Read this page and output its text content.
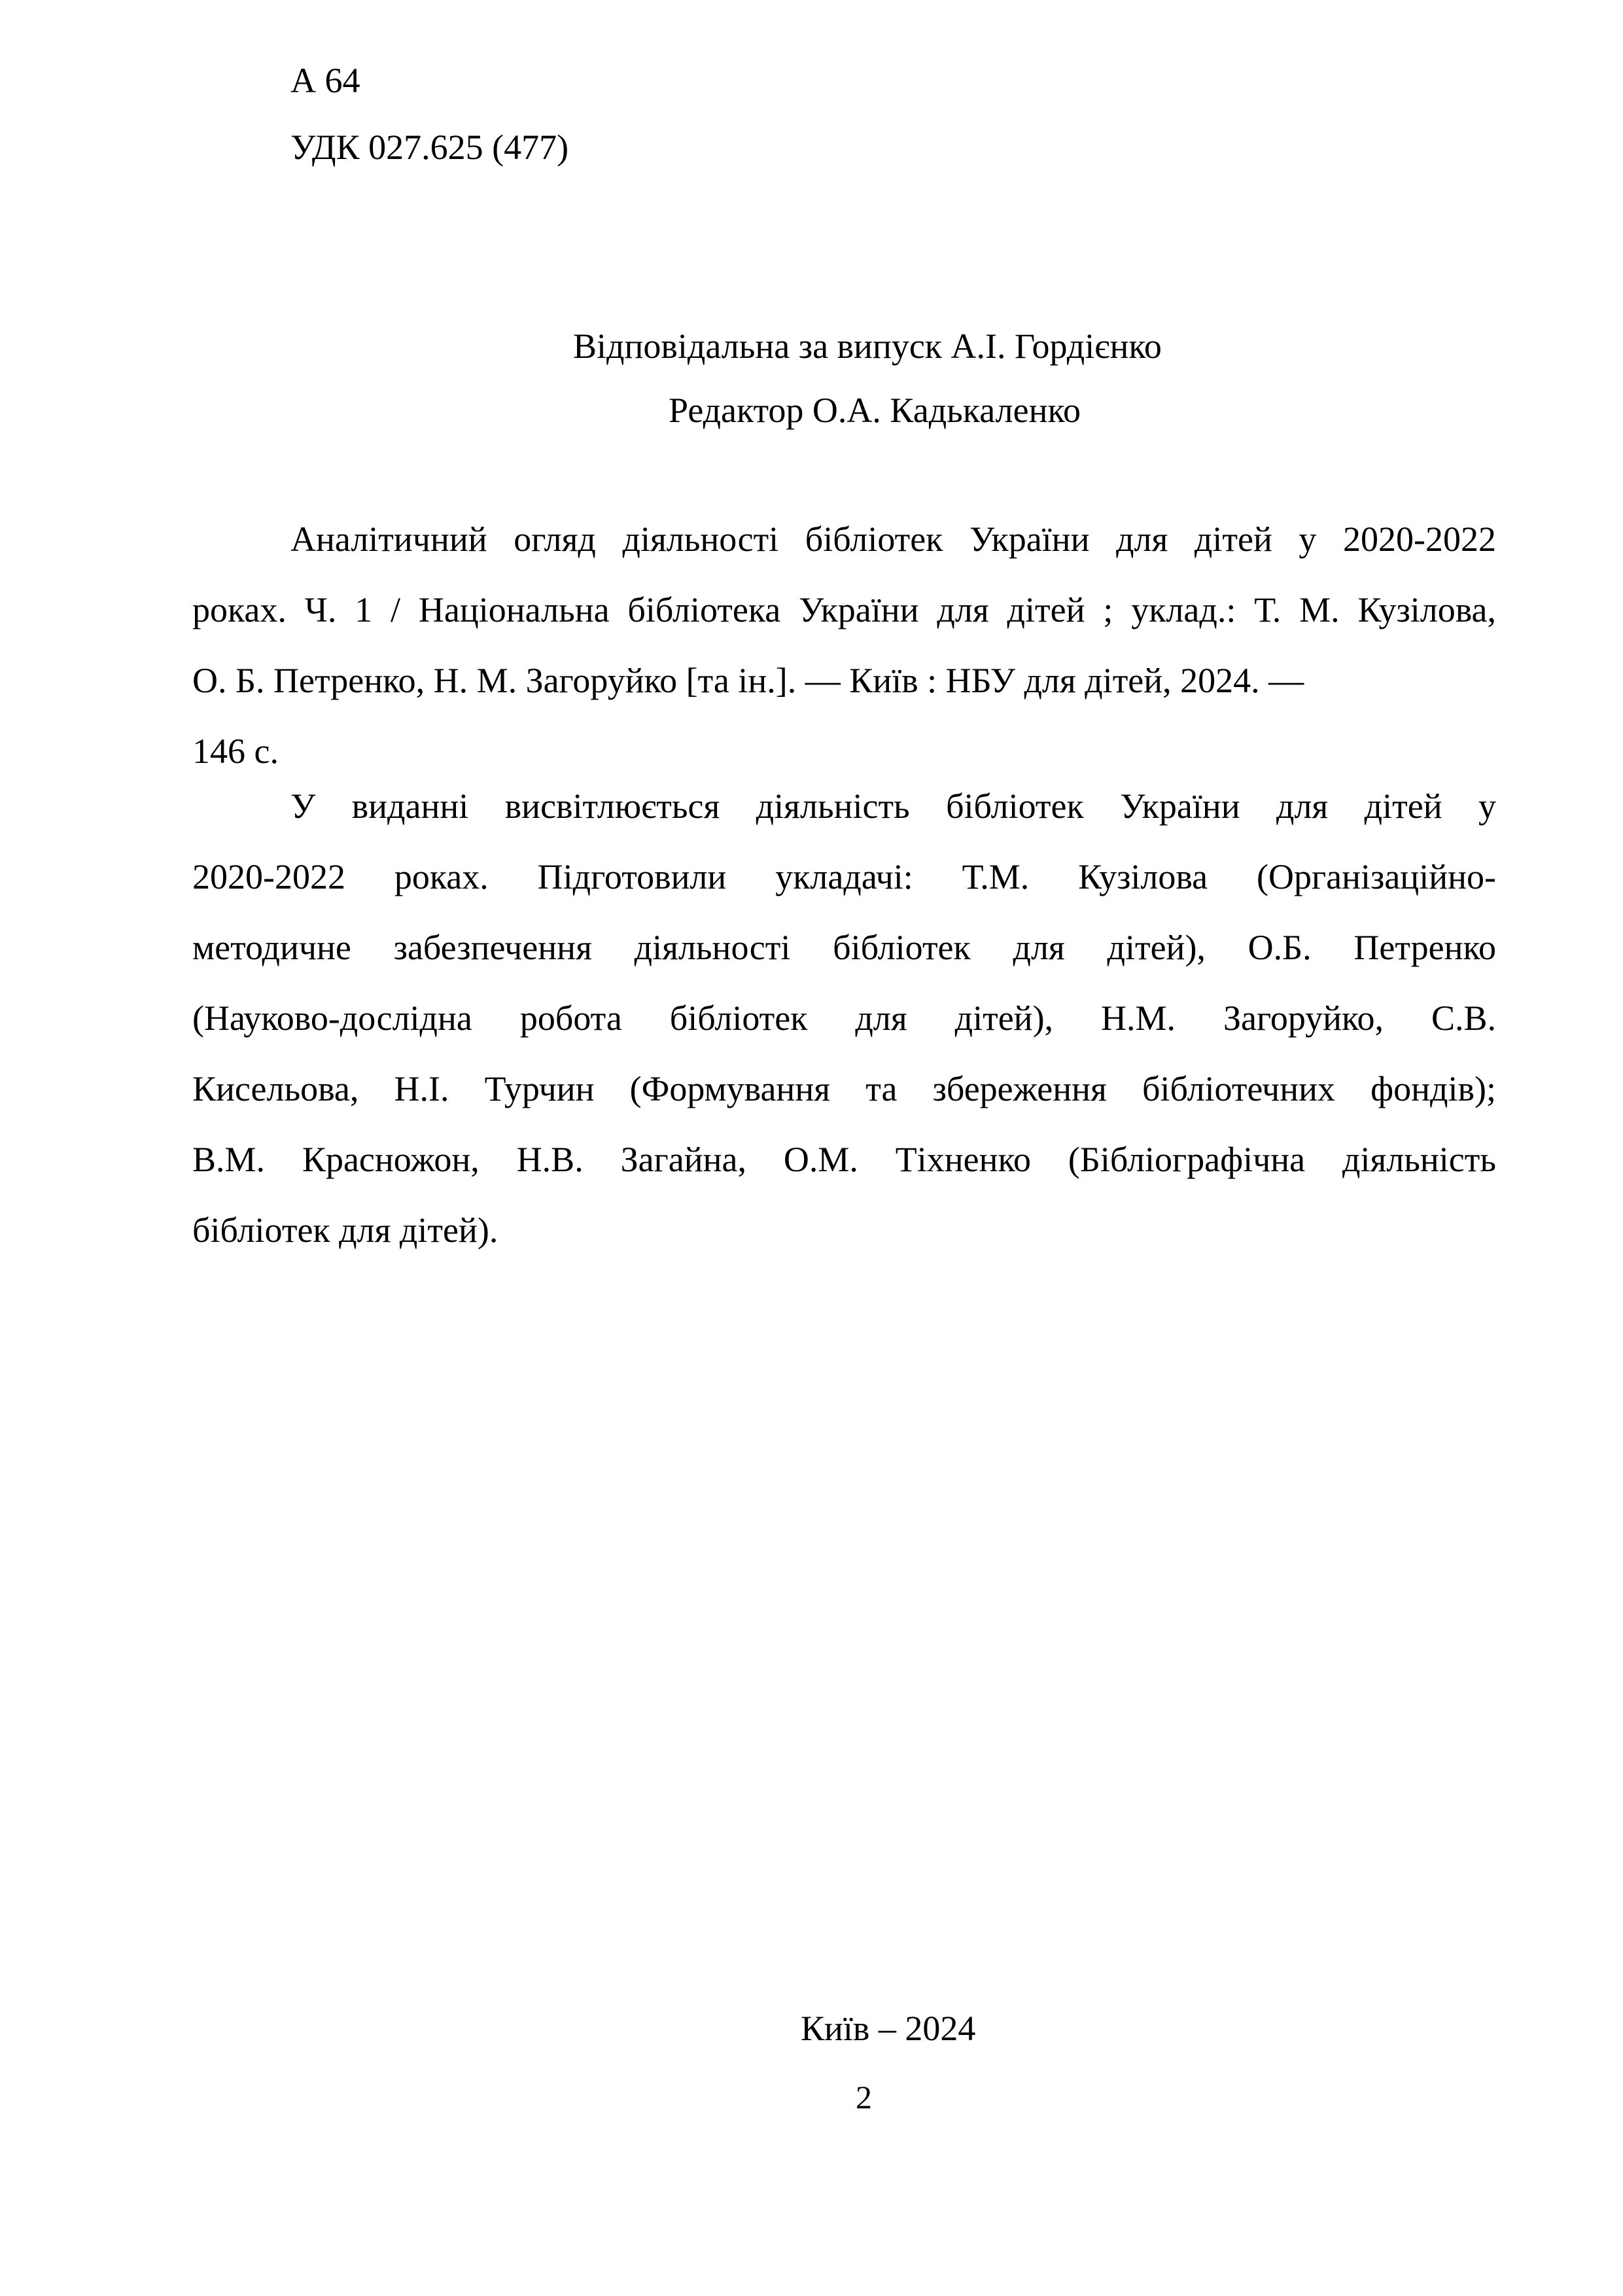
А 64
УДК 027.625 (477)
Відповідальна за випуск А.І. Гордієнко
Редактор О.А. Кадькаленко
Аналітичний огляд діяльності бібліотек України для дітей у 2020-2022
роках. Ч. 1 / Національна бібліотека України для дітей ; уклад.: Т. М. Кузілова,
О. Б. Петренко, Н. М. Загоруйко [та ін.]. — Київ : НБУ для дітей, 2024. —
146 с.
У виданні висвітлюється діяльність бібліотек України для дітей у
2020-2022 роках. Підготовили укладачі: Т.М. Кузілова (Організаційно-
методичне забезпечення діяльності бібліотек для дітей), О.Б. Петренко
(Науково-дослідна робота бібліотек для дітей), Н.М. Загоруйко, С.В.
Кисельова, Н.І. Турчин (Формування та збереження бібліотечних фондів);
В.М. Красножон, Н.В. Загайна, О.М. Тіхненко (Бібліографічна діяльність
бібліотек для дітей).
Київ – 2024
2
